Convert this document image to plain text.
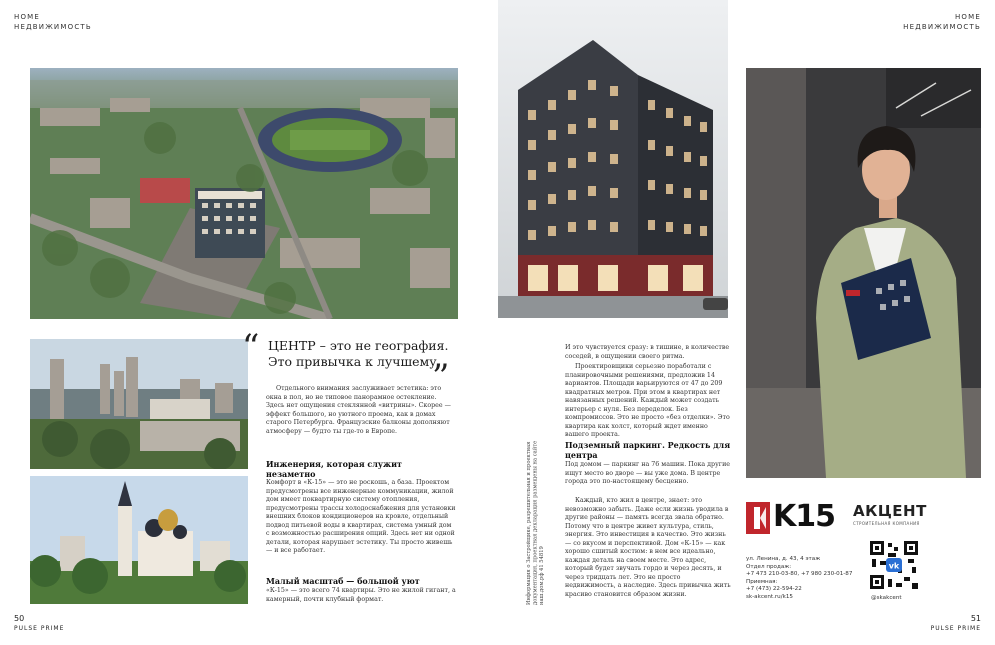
HOME
НЕДВИЖИМОСТЬ
“ ЦЕНТР – это не география. Это привычка к лучшему
”
Отдельного внимания заслуживает эстетика: это окна в пол, но не типовое панорамное остекление. Здесь нет ощущения стеклянной «витрины». Скорее — эффект большого, но уютного проема, как в домах старого Петербурга. Французские балконы дополняют атмосферу — будто ты где-то в Европе.
Инженерия, которая служит незаметно
Комфорт в «К-15» — это не роскошь, а база. Проектом предусмотрены все инженерные коммуникации, жилой дом имеет поквартирную систему отопления, предусмотрены трассы холодоснабжения для установки внешних блоков кондиционеров на кровле, отдельный подвод питьевой воды в квартирах, система умный дом с возможностью расширения опций. Здесь нет ни одной детали, которая нарушает эстетику. Ты просто живешь — и все работает.
Малый масштаб — большой уют
«К-15» — это всего 74 квартиры. Это не жилой гигант, а камерный, почти клубный формат.
50
PULSE PRIME
HOME
НЕДВИЖИМОСТЬ
Информация о Застройщике, разрешительная и проектная документация, проектная декларация размещены на сайте наш.дом.рф 41 54819
И это чувствуется сразу: в тишине, в количестве соседей, в ощущении своего ритма.
Проектировщики серьезно поработали с планировочными решениями, предложив 14 вариантов. Площади варьируются от 47 до 209 квадратных метров. При этом в квартирах нет навязанных решений. Каждый может создать интерьер с нуля. Без переделок. Без компромиссов. Это не просто «без отделки». Это квартира как холст, который ждет именно вашего проекта.
Подземный паркинг. Редкость для центра
Под домом — паркинг на 76 машин. Пока другие ищут место во дворе — вы уже дома. В центре города это по-настоящему бесценно.
Каждый, кто жил в центре, знает: это невозможно забыть. Даже если жизнь уводила в другие районы — память всегда звала обратно. Потому что в центре живет культура, стиль, энергия. Это инвестиция в качество. Это жизнь — со вкусом и перспективой. Дом «К-15» — как хорошо сшитый костюм: в нем все идеально, каждая деталь на своем месте. Это адрес, который будет звучать гордо и через десять, и через тридцать лет. Это не просто недвижимость, а наследие. Здесь привычка жить красиво становится образом жизни.
K15 АКЦЕНТ
СТРОИТЕЛЬНАЯ КОМПАНИЯ
vk
ул. Ленина, д. 43, 4 этаж
Отдел продаж:
+7 473 210-03-80, +7 980 230-01-87
Приемная:
+7 (473) 22-594-22
sk-akcent.ru/k15	@skakcent
51
PULSE PRIME
